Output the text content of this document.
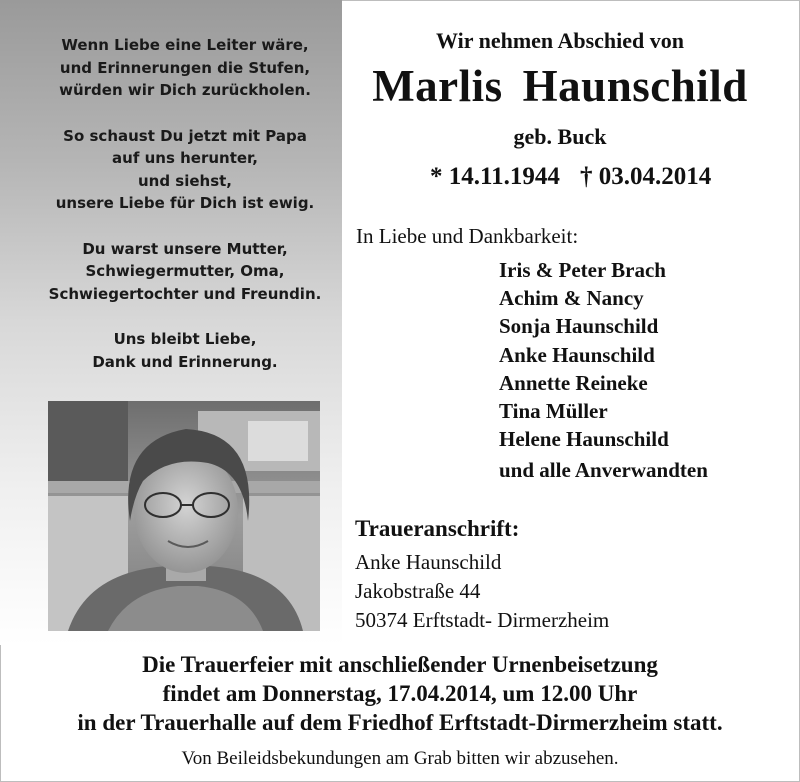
Wenn Liebe eine Leiter wäre,
und Erinnerungen die Stufen,
würden wir Dich zurückholen.

So schaust Du jetzt mit Papa
auf uns herunter,
und siehst,
unsere Liebe für Dich ist ewig.

Du warst unsere Mutter,
Schwiegermutter, Oma,
Schwiegertochter und Freundin.

Uns bleibt Liebe,
Dank und Erinnerung.

Wir nehmen Abschied von
Marlis Haunschild
geb. Buck
* 14.11.1944 † 03.04.2014
In Liebe und Dankbarkeit:
Iris & Peter Brach
Achim & Nancy
Sonja Haunschild
Anke Haunschild
Annette Reineke
Tina Müller
Helene Haunschild
und alle Anverwandten
Traueranschrift:
Anke Haunschild
Jakobstraße 44
50374 Erftstadt- Dirmerzheim
Die Trauerfeier mit anschließender Urnenbeisetzung
findet am Donnerstag, 17.04.2014, um 12.00 Uhr
in der Trauerhalle auf dem Friedhof Erftstadt-Dirmerzheim statt.
Von Beileidsbekundungen am Grab bitten wir abzusehen.
